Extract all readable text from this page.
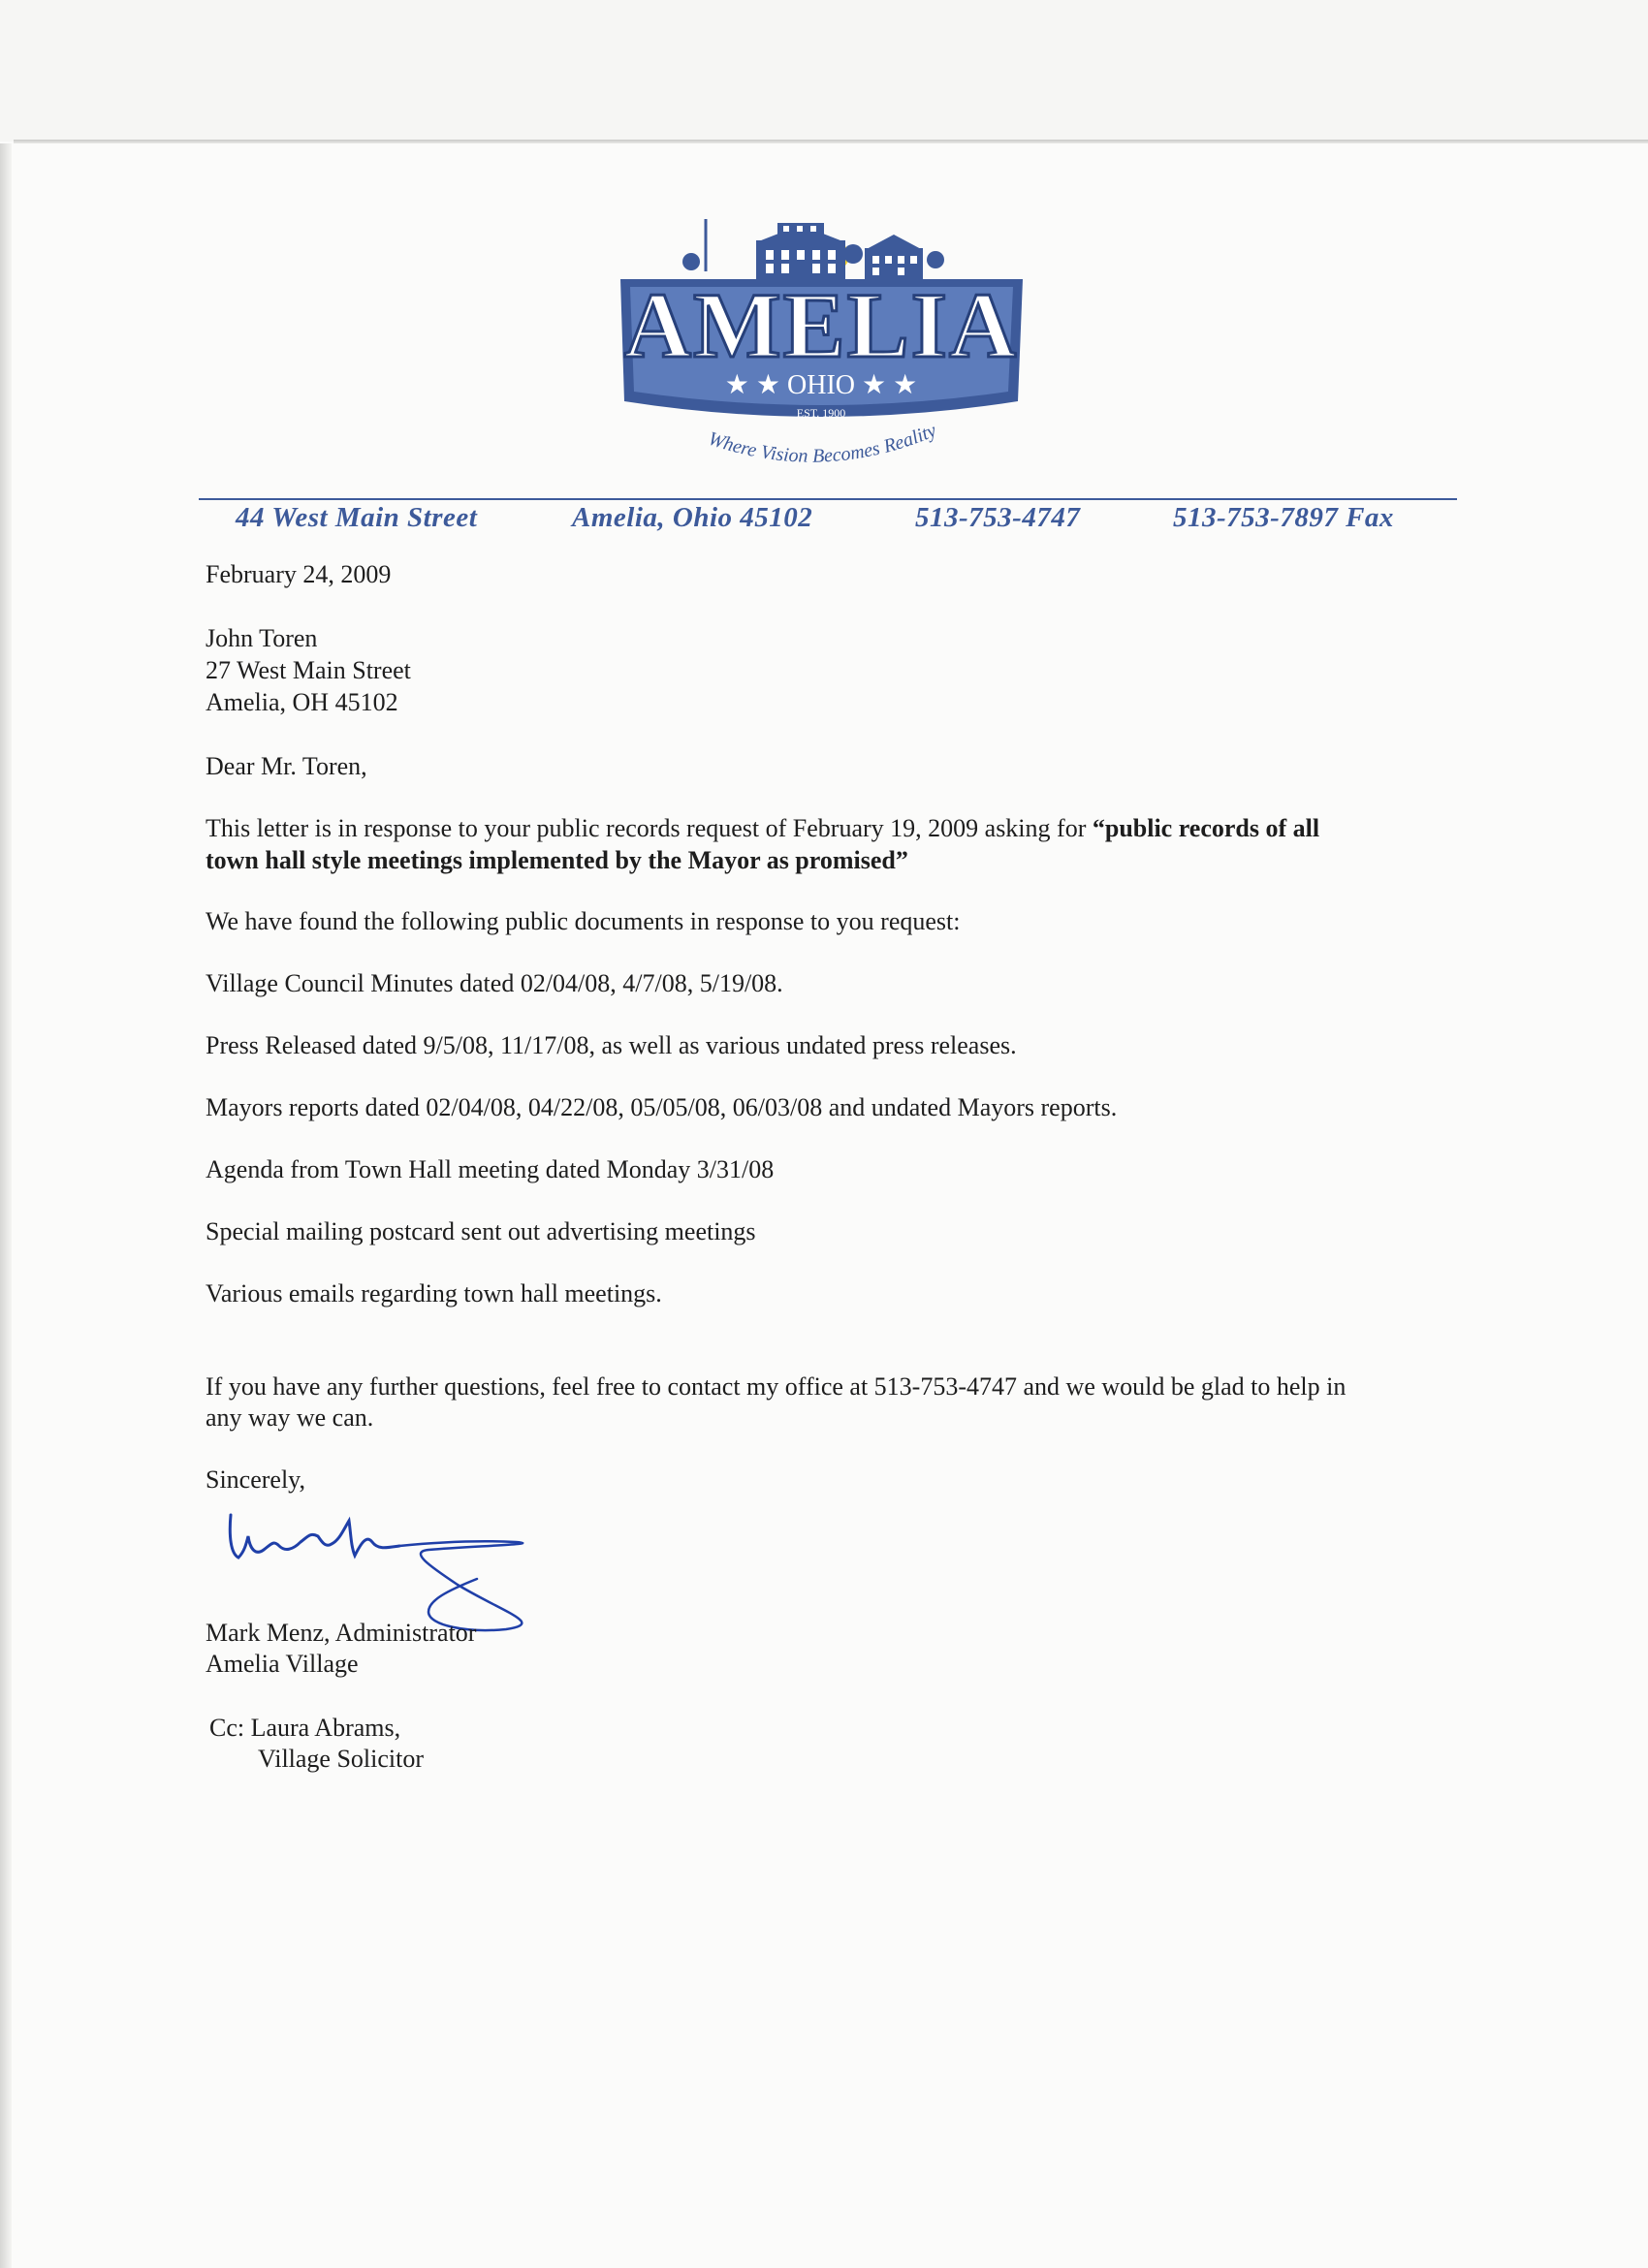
AMELIA
★ ★ OHIO ★ ★
EST. 1900
Where Vision Becomes Reality
44 West Main Street	Amelia, Ohio 45102	513-753-4747	513-753-7897 Fax
February 24, 2009
John Toren
27 West Main Street
Amelia, OH 45102
Dear Mr. Toren,
This letter is in response to your public records request of February 19, 2009 asking for “public records of all
town hall style meetings implemented by the Mayor as promised”
We have found the following public documents in response to you request:
Village Council Minutes dated 02/04/08, 4/7/08, 5/19/08.
Press Released dated 9/5/08, 11/17/08, as well as various undated press releases.
Mayors reports dated 02/04/08, 04/22/08, 05/05/08, 06/03/08 and undated Mayors reports.
Agenda from Town Hall meeting dated Monday 3/31/08
Special mailing postcard sent out advertising meetings
Various emails regarding town hall meetings.
If you have any further questions, feel free to contact my office at 513-753-4747 and we would be glad to help in
any way we can.
Sincerely,
Mark Menz, Administrator
Amelia Village
Cc: Laura Abrams,
Village Solicitor
